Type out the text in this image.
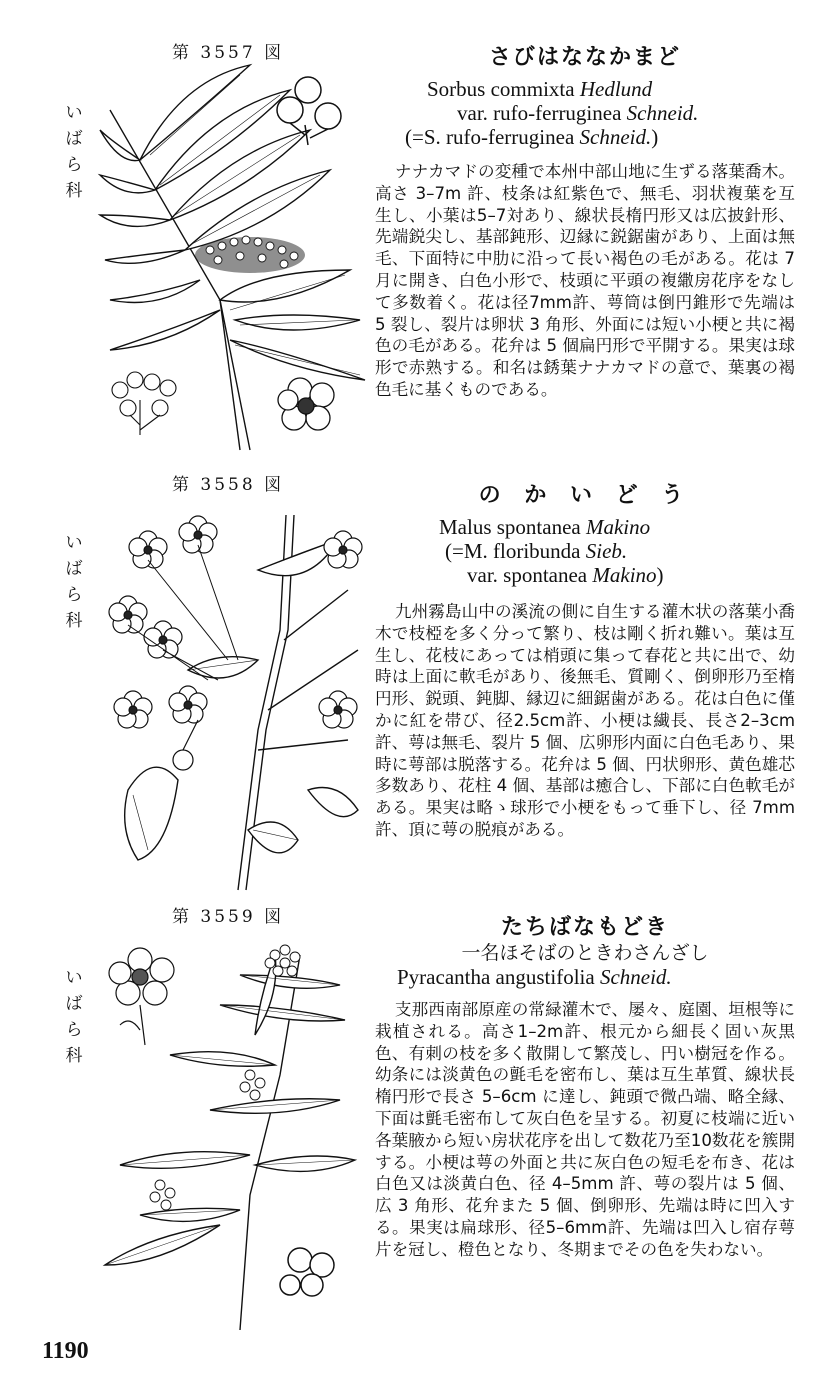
第 3557 図
い
ば
ら
科
さびはななかまど
Sorbus commixta Hedlund
var. rufo-ferruginea Schneid.
(=S. rufo-ferruginea Schneid.)

ナナカマドの変種で本州中部山地に生ずる落葉喬木。高さ 3–7m 許、枝条は紅紫色で、無毛、羽状複葉を互生し、小葉は5–7対あり、線状長楕円形又は広披針形、先端鋭尖し、基部鈍形、辺縁に鋭鋸歯があり、上面は無毛、下面特に中肋に沿って長い褐色の毛がある。花は 7 月に開き、白色小形で、枝頭に平頭の複繖房花序をなして多数着く。花は径7mm許、萼筒は倒円錐形で先端は 5 裂し、裂片は卵状 3 角形、外面には短い小梗と共に褐色の毛がある。花弁は 5 個扁円形で平開する。果実は球形で赤熟する。和名は銹葉ナナカマドの意で、葉裏の褐色毛に基くものである。

第 3558 図
い
ば
ら
科
の か い ど う
Malus spontanea Makino
(=M. floribunda Sieb.
var. spontanea Makino)

九州霧島山中の溪流の側に自生する灌木状の落葉小喬木で枝椏を多く分って繁り、枝は剛く折れ難い。葉は互生し、花枝にあっては梢頭に集って春花と共に出で、幼時は上面に軟毛があり、後無毛、質剛く、倒卵形乃至楕円形、鋭頭、鈍脚、縁辺に細鋸歯がある。花は白色に僅かに紅を帯び、径2.5cm許、小梗は繊長、長さ2–3cm許、萼は無毛、裂片 5 個、広卵形内面に白色毛あり、果時に萼部は脱落する。花弁は 5 個、円状卵形、黄色雄芯多数あり、花柱 4 個、基部は癒合し、下部に白色軟毛がある。果実は略ゝ球形で小梗をもって垂下し、径 7mm 許、頂に萼の脱痕がある。

第 3559 図
い
ば
ら
科
たちばなもどき
一名ほそばのときわさんざし
Pyracantha angustifolia Schneid.

支那西南部原産の常緑灌木で、屡々、庭園、垣根等に栽植される。高さ1–2m許、根元から細長く固い灰黒色、有刺の枝を多く散開して繁茂し、円い樹冠を作る。幼条には淡黄色の氈毛を密布し、葉は互生革質、線状長楕円形で長さ 5–6cm に達し、鈍頭で微凸端、略全縁、下面は氈毛密布して灰白色を呈する。初夏に枝端に近い各葉腋から短い房状花序を出して数花乃至10数花を簇開する。小梗は萼の外面と共に灰白色の短毛を布き、花は白色又は淡黄白色、径 4–5mm 許、萼の裂片は 5 個、広 3 角形、花弁また 5 個、倒卵形、先端は時に凹入する。果実は扁球形、径5–6mm許、先端は凹入し宿存萼片を冠し、橙色となり、冬期までその色を失わない。

1190
